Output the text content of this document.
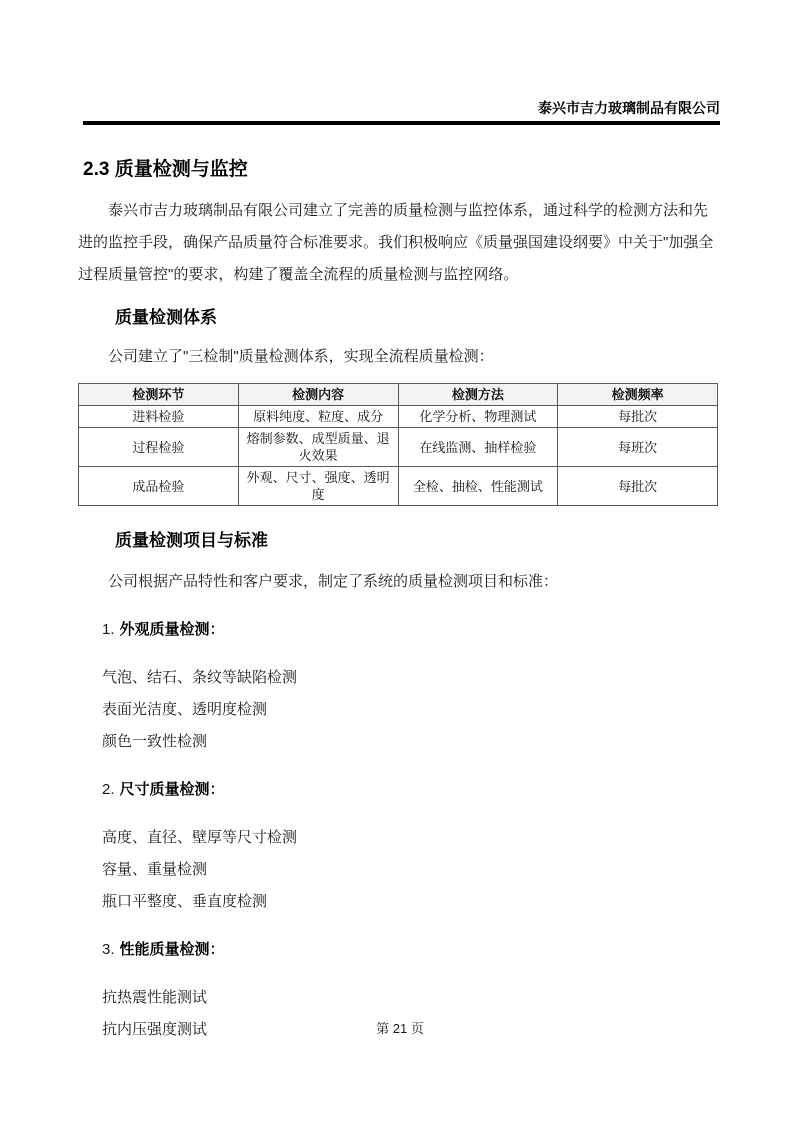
泰兴市吉力玻璃制品有限公司
2.3 质量检测与监控

泰兴市吉力玻璃制品有限公司建立了完善的质量检测与监控体系，通过科学的检测方法和先进的监控手段，确保产品质量符合标准要求。我们积极响应《质量强国建设纲要》中关于"加强全过程质量管控"的要求，构建了覆盖全流程的质量检测与监控网络。

质量检测体系

公司建立了"三检制"质量检测体系，实现全流程质量检测：

检测环节	检测内容	检测方法	检测频率
进料检验	原料纯度、粒度、成分	化学分析、物理测试	每批次
过程检验	熔制参数、成型质量、退火效果	在线监测、抽样检验	每班次
成品检验	外观、尺寸、强度、透明度	全检、抽检、性能测试	每批次
质量检测项目与标准

公司根据产品特性和客户要求，制定了系统的质量检测项目和标准：

1. 外观质量检测：

气泡、结石、条纹等缺陷检测

表面光洁度、透明度检测

颜色一致性检测

2. 尺寸质量检测：

高度、直径、壁厚等尺寸检测

容量、重量检测

瓶口平整度、垂直度检测

3. 性能质量检测：

抗热震性能测试

抗内压强度测试	第 21 页
